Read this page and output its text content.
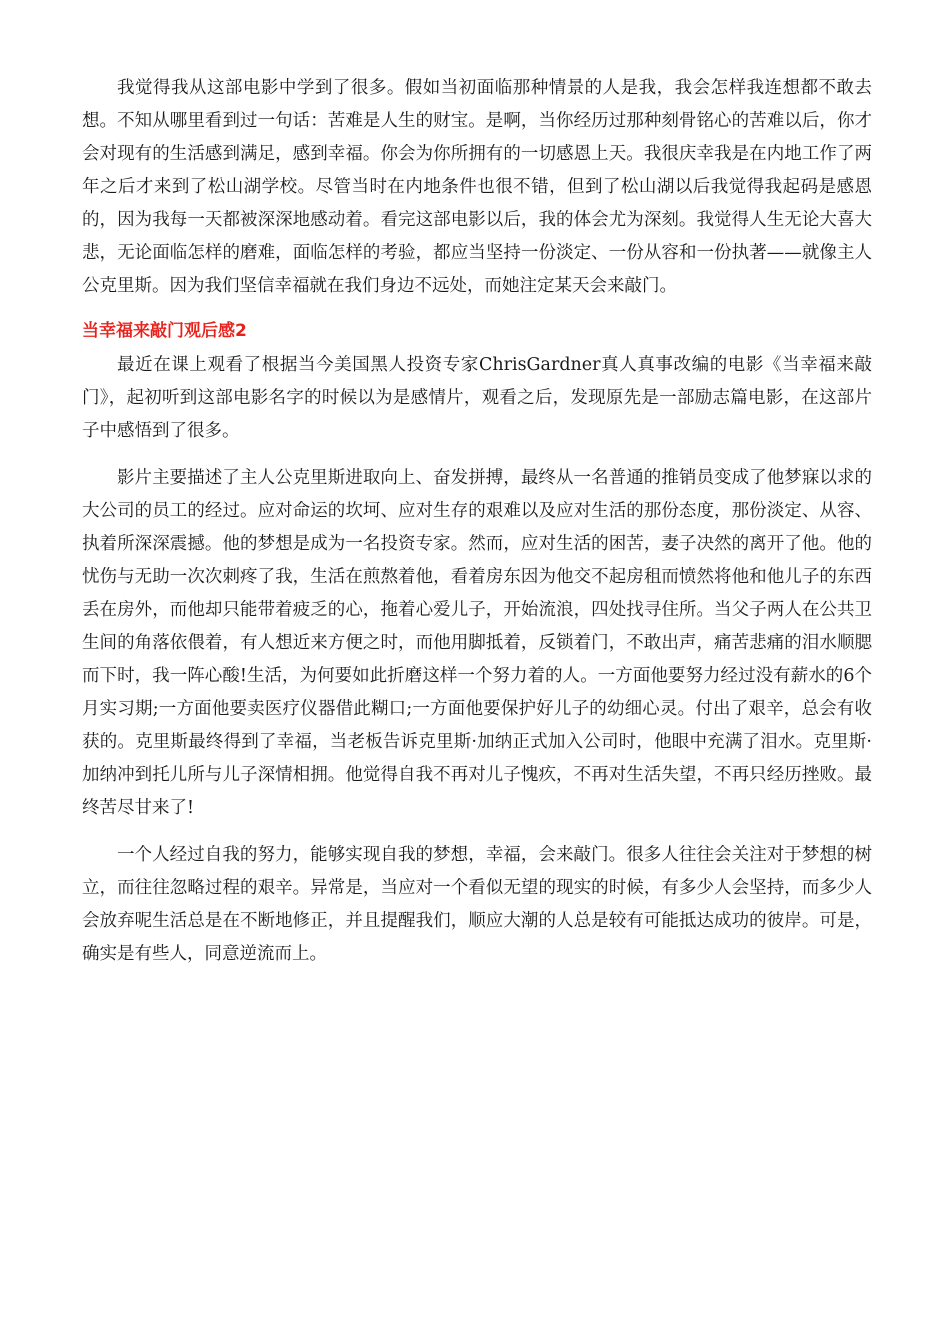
我觉得我从这部电影中学到了很多。假如当初面临那种情景的人是我，我会怎样我连想都不敢去想。不知从哪里看到过一句话：苦难是人生的财宝。是啊，当你经历过那种刻骨铭心的苦难以后，你才会对现有的生活感到满足，感到幸福。你会为你所拥有的一切感恩上天。我很庆幸我是在内地工作了两年之后才来到了松山湖学校。尽管当时在内地条件也很不错，但到了松山湖以后我觉得我起码是感恩的，因为我每一天都被深深地感动着。看完这部电影以后，我的体会尤为深刻。我觉得人生无论大喜大悲，无论面临怎样的磨难，面临怎样的考验，都应当坚持一份淡定、一份从容和一份执著——就像主人公克里斯。因为我们坚信幸福就在我们身边不远处，而她注定某天会来敲门。

当幸福来敲门观后感2

最近在课上观看了根据当今美国黑人投资专家ChrisGardner真人真事改编的电影《当幸福来敲门》，起初听到这部电影名字的时候以为是感情片，观看之后，发现原先是一部励志篇电影，在这部片子中感悟到了很多。

影片主要描述了主人公克里斯进取向上、奋发拼搏，最终从一名普通的推销员变成了他梦寐以求的大公司的员工的经过。应对命运的坎坷、应对生存的艰难以及应对生活的那份态度，那份淡定、从容、执着所深深震撼。他的梦想是成为一名投资专家。然而，应对生活的困苦，妻子决然的离开了他。他的忧伤与无助一次次刺疼了我，生活在煎熬着他，看着房东因为他交不起房租而愤然将他和他儿子的东西丢在房外，而他却只能带着疲乏的心，拖着心爱儿子，开始流浪，四处找寻住所。当父子两人在公共卫生间的角落依偎着，有人想近来方便之时，而他用脚抵着，反锁着门，不敢出声，痛苦悲痛的泪水顺腮而下时，我一阵心酸!生活，为何要如此折磨这样一个努力着的人。一方面他要努力经过没有薪水的6个月实习期;一方面他要卖医疗仪器借此糊口;一方面他要保护好儿子的幼细心灵。付出了艰辛，总会有收获的。克里斯最终得到了幸福，当老板告诉克里斯·加纳正式加入公司时，他眼中充满了泪水。克里斯·加纳冲到托儿所与儿子深情相拥。他觉得自我不再对儿子愧疚，不再对生活失望，不再只经历挫败。最终苦尽甘来了!

一个人经过自我的努力，能够实现自我的梦想，幸福，会来敲门。很多人往往会关注对于梦想的树立，而往往忽略过程的艰辛。异常是，当应对一个看似无望的现实的时候，有多少人会坚持，而多少人会放弃呢生活总是在不断地修正，并且提醒我们，顺应大潮的人总是较有可能抵达成功的彼岸。可是，确实是有些人，同意逆流而上。
